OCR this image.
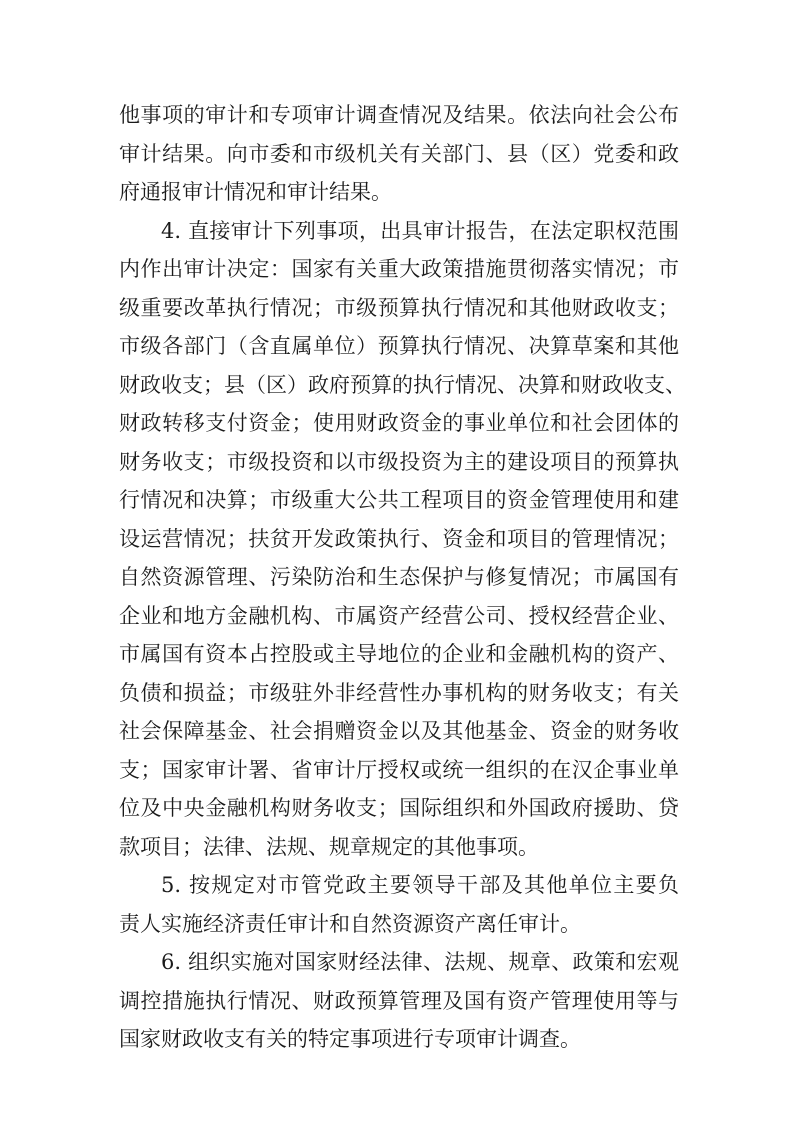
他事项的审计和专项审计调查情况及结果。依法向社会公布
审计结果。向市委和市级机关有关部门、县（区）党委和政
府通报审计情况和审计结果。
4. 直接审计下列事项，出具审计报告，在法定职权范围
内作出审计决定：国家有关重大政策措施贯彻落实情况；市
级重要改革执行情况；市级预算执行情况和其他财政收支；
市级各部门（含直属单位）预算执行情况、决算草案和其他
财政收支；县（区）政府预算的执行情况、决算和财政收支、
财政转移支付资金；使用财政资金的事业单位和社会团体的
财务收支；市级投资和以市级投资为主的建设项目的预算执
行情况和决算；市级重大公共工程项目的资金管理使用和建
设运营情况；扶贫开发政策执行、资金和项目的管理情况；
自然资源管理、污染防治和生态保护与修复情况；市属国有
企业和地方金融机构、市属资产经营公司、授权经营企业、
市属国有资本占控股或主导地位的企业和金融机构的资产、
负债和损益；市级驻外非经营性办事机构的财务收支；有关
社会保障基金、社会捐赠资金以及其他基金、资金的财务收
支；国家审计署、省审计厅授权或统一组织的在汉企事业单
位及中央金融机构财务收支；国际组织和外国政府援助、贷
款项目；法律、法规、规章规定的其他事项。
5. 按规定对市管党政主要领导干部及其他单位主要负
责人实施经济责任审计和自然资源资产离任审计。
6. 组织实施对国家财经法律、法规、规章、政策和宏观
调控措施执行情况、财政预算管理及国有资产管理使用等与
国家财政收支有关的特定事项进行专项审计调查。
